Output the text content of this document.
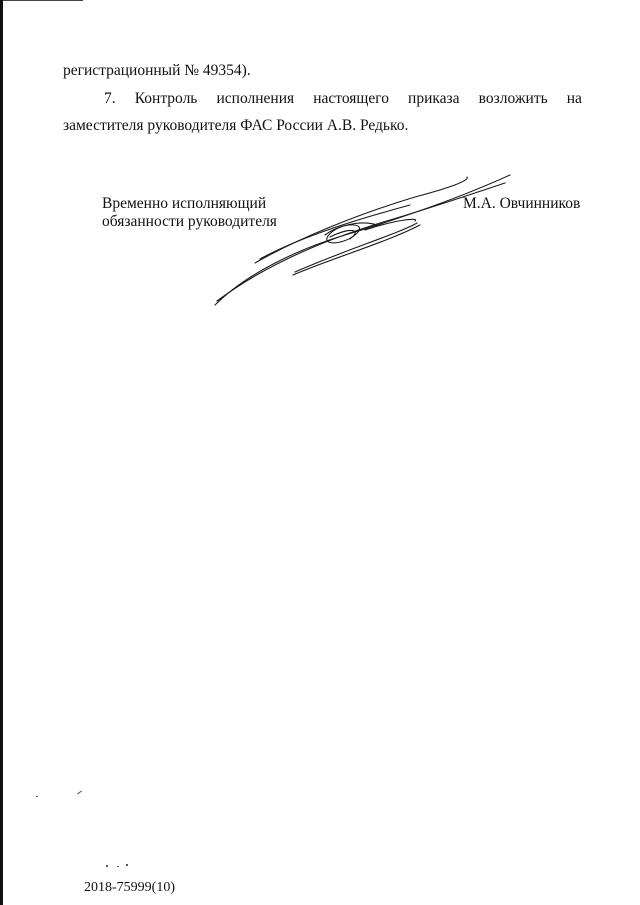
регистрационный № 49354).
7. Контроль исполнения настоящего приказа возложить на
заместителя руководителя ФАС России А.В. Редько.
Временно исполняющий
обязанности руководителя
М.А. Овчинников
2018-75999(10)
